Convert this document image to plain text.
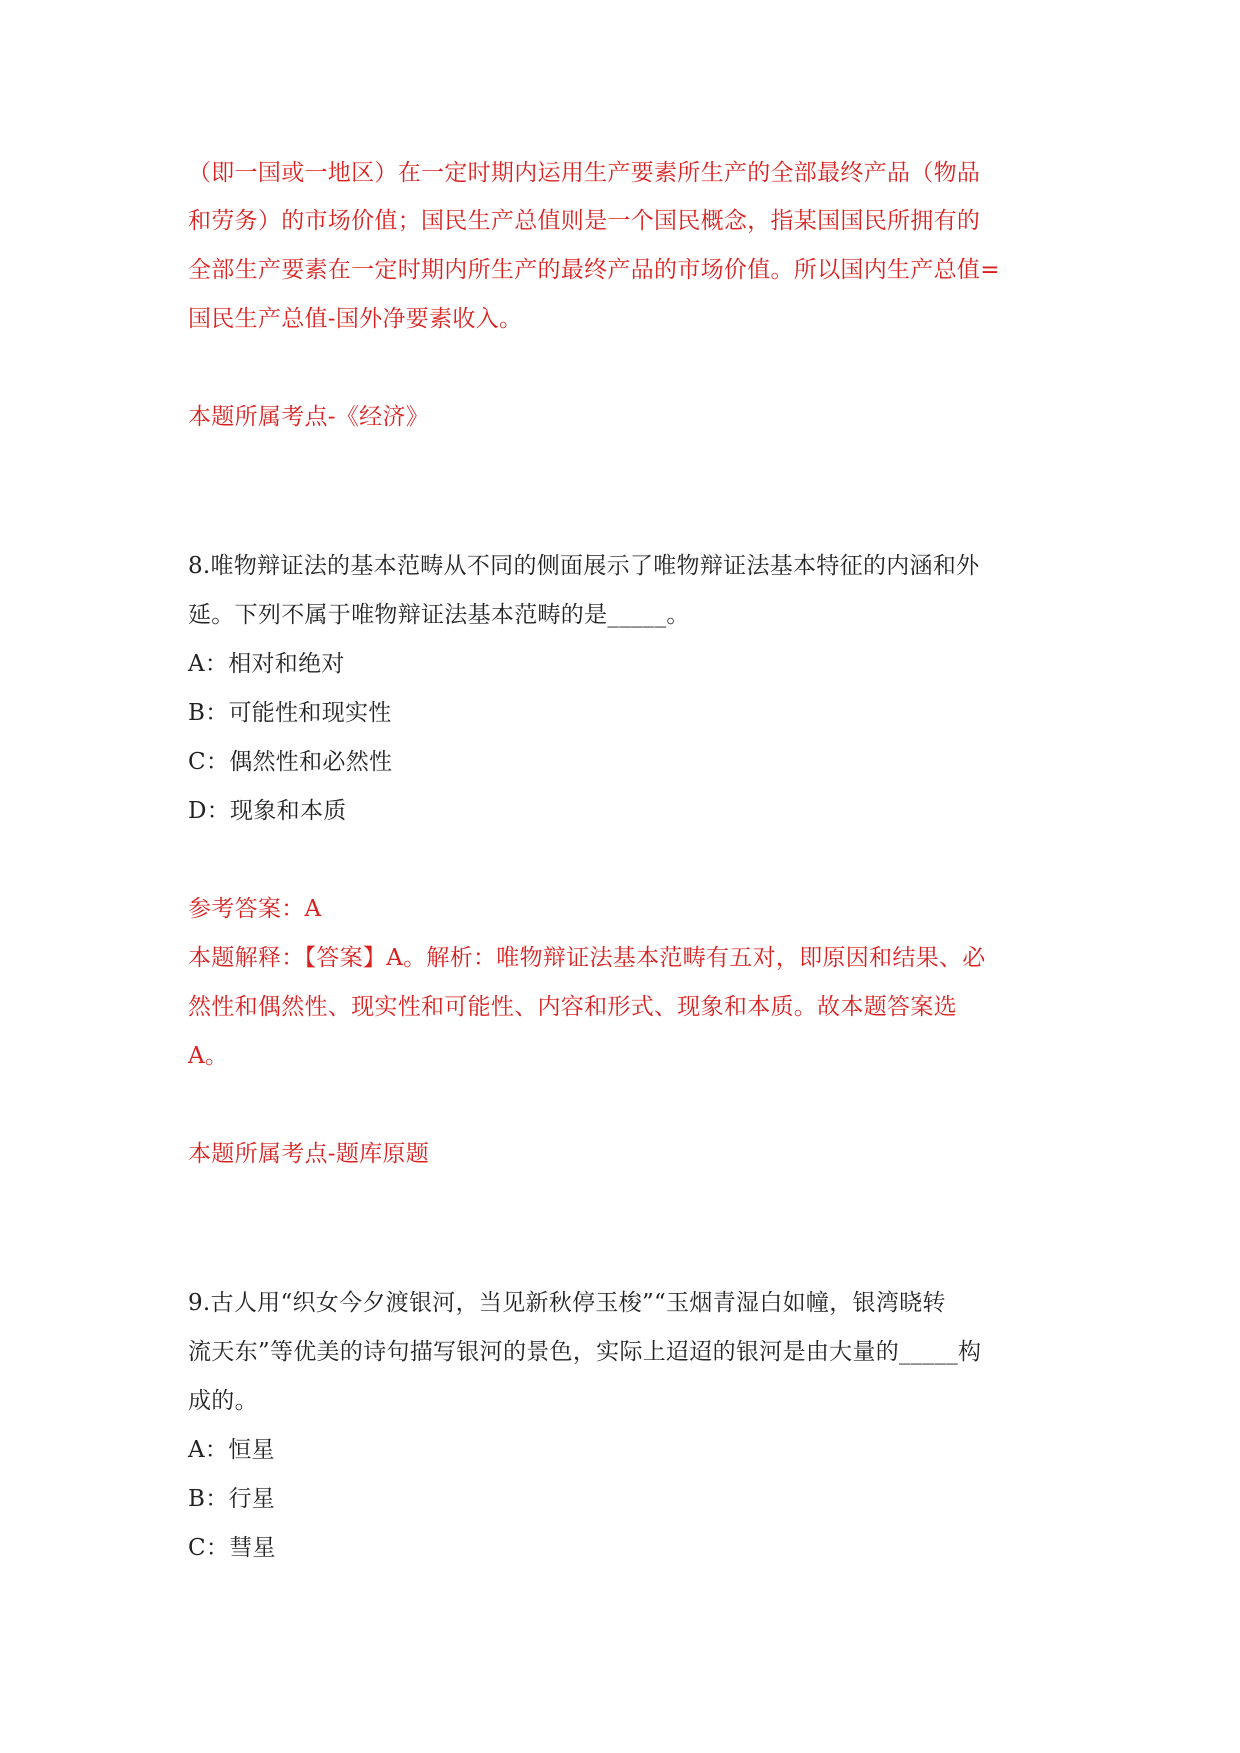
（即一国或一地区）在一定时期内运用生产要素所生产的全部最终产品（物品
和劳务）的市场价值；国民生产总值则是一个国民概念，指某国国民所拥有的
全部生产要素在一定时期内所生产的最终产品的市场价值。所以国内生产总值=
国民生产总值-国外净要素收入。
本题所属考点-《经济》
8.唯物辩证法的基本范畴从不同的侧面展示了唯物辩证法基本特征的内涵和外
延。下列不属于唯物辩证法基本范畴的是_____。
A：相对和绝对
B：可能性和现实性
C：偶然性和必然性
D：现象和本质
参考答案：A
本题解释：【答案】A。解析：唯物辩证法基本范畴有五对，即原因和结果、必
然性和偶然性、现实性和可能性、内容和形式、现象和本质。故本题答案选
A。
本题所属考点-题库原题
9.古人用“织女今夕渡银河，当见新秋停玉梭”“玉烟青湿白如幢，银湾晓转
流天东”等优美的诗句描写银河的景色，实际上迢迢的银河是由大量的_____构
成的。
A：恒星
B：行星
C：彗星
